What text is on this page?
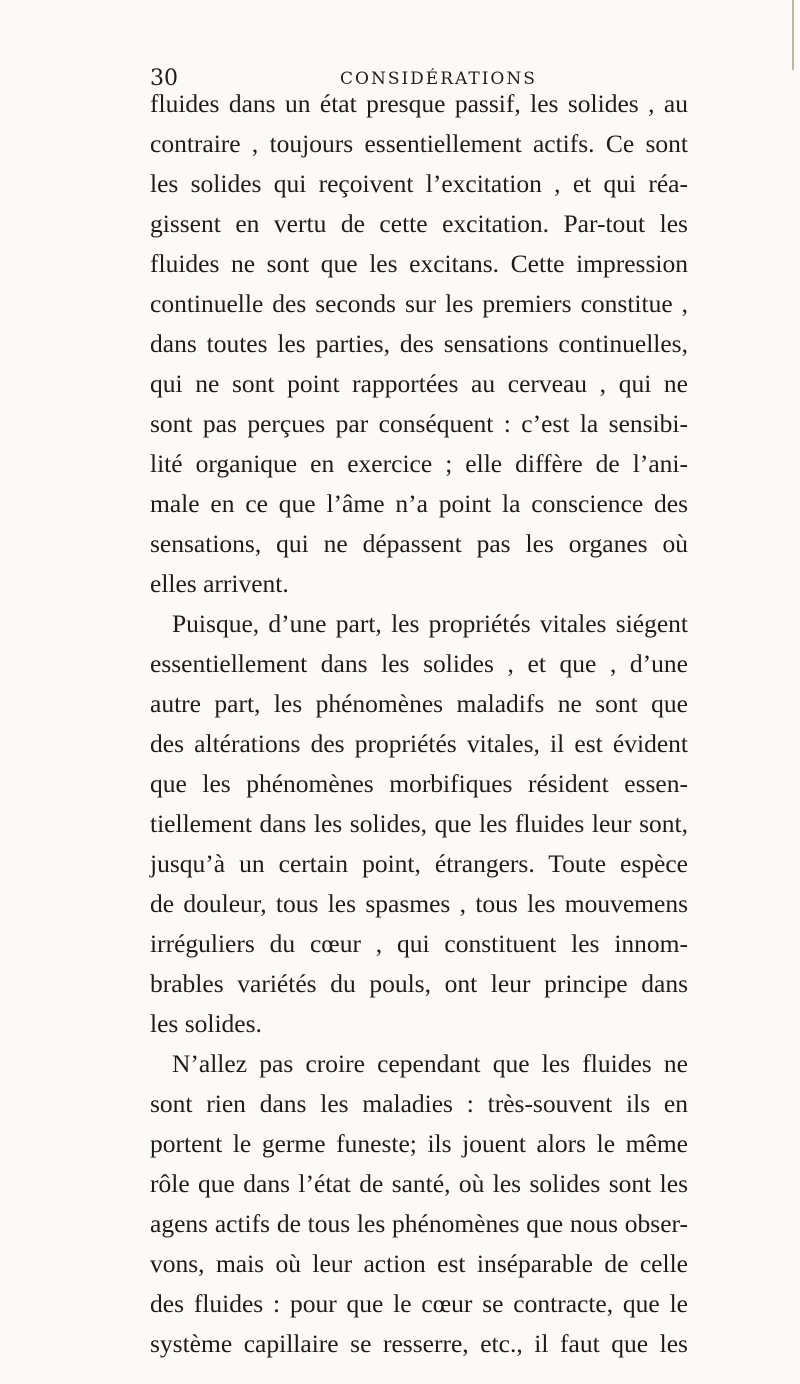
30	CONSIDÉRATIONS
fluides dans un état presque passif, les solides , au
contraire , toujours essentiellement actifs. Ce sont
les solides qui reçoivent l’excitation , et qui réa-
gissent en vertu de cette excitation. Par-tout les
fluides ne sont que les excitans. Cette impression
continuelle des seconds sur les premiers constitue ,
dans toutes les parties, des sensations continuelles,
qui ne sont point rapportées au cerveau , qui ne
sont pas perçues par conséquent : c’est la sensibi-
lité organique en exercice ; elle diffère de l’ani-
male en ce que l’âme n’a point la conscience des
sensations, qui ne dépassent pas les organes où
elles arrivent.
Puisque, d’une part, les propriétés vitales siégent
essentiellement dans les solides , et que , d’une
autre part, les phénomènes maladifs ne sont que
des altérations des propriétés vitales, il est évident
que les phénomènes morbifiques résident essen-
tiellement dans les solides, que les fluides leur sont,
jusqu’à un certain point, étrangers. Toute espèce
de douleur, tous les spasmes , tous les mouvemens
irréguliers du cœur , qui constituent les innom-
brables variétés du pouls, ont leur principe dans
les solides.
N’allez pas croire cependant que les fluides ne
sont rien dans les maladies : très-souvent ils en
portent le germe funeste; ils jouent alors le même
rôle que dans l’état de santé, où les solides sont les
agens actifs de tous les phénomènes que nous obser-
vons, mais où leur action est inséparable de celle
des fluides : pour que le cœur se contracte, que le
système capillaire se resserre, etc., il faut que les
